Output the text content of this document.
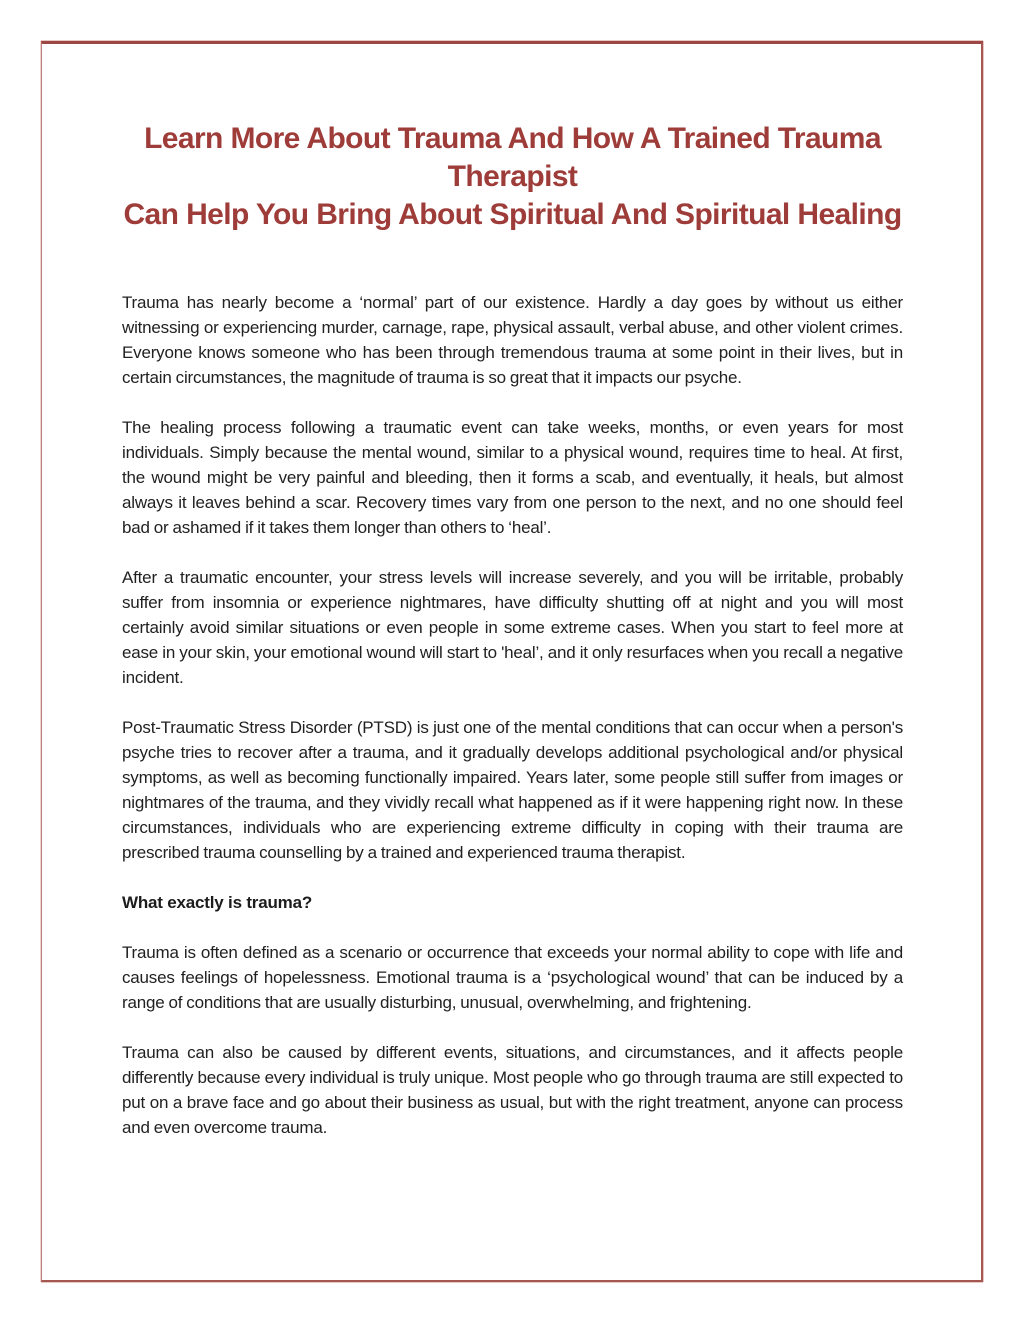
Learn More About Trauma And How A Trained Trauma Therapist
Can Help You Bring About Spiritual And Spiritual Healing

Trauma has nearly become a ‘normal’ part of our existence. Hardly a day goes by without us either witnessing or experiencing murder, carnage, rape, physical assault, verbal abuse, and other violent crimes. Everyone knows someone who has been through tremendous trauma at some point in their lives, but in certain circumstances, the magnitude of trauma is so great that it impacts our psyche.

The healing process following a traumatic event can take weeks, months, or even years for most individuals. Simply because the mental wound, similar to a physical wound, requires time to heal. At first, the wound might be very painful and bleeding, then it forms a scab, and eventually, it heals, but almost always it leaves behind a scar. Recovery times vary from one person to the next, and no one should feel bad or ashamed if it takes them longer than others to ‘heal’.

After a traumatic encounter, your stress levels will increase severely, and you will be irritable, probably suffer from insomnia or experience nightmares, have difficulty shutting off at night and you will most certainly avoid similar situations or even people in some extreme cases. When you start to feel more at ease in your skin, your emotional wound will start to 'heal’, and it only resurfaces when you recall a negative incident.

Post-Traumatic Stress Disorder (PTSD) is just one of the mental conditions that can occur when a person's psyche tries to recover after a trauma, and it gradually develops additional psychological and/or physical symptoms, as well as becoming functionally impaired. Years later, some people still suffer from images or nightmares of the trauma, and they vividly recall what happened as if it were happening right now. In these circumstances, individuals who are experiencing extreme difficulty in coping with their trauma are prescribed trauma counselling by a trained and experienced trauma therapist.

What exactly is trauma?

Trauma is often defined as a scenario or occurrence that exceeds your normal ability to cope with life and causes feelings of hopelessness. Emotional trauma is a ‘psychological wound’ that can be induced by a range of conditions that are usually disturbing, unusual, overwhelming, and frightening.

Trauma can also be caused by different events, situations, and circumstances, and it affects people differently because every individual is truly unique. Most people who go through trauma are still expected to put on a brave face and go about their business as usual, but with the right treatment, anyone can process and even overcome trauma.
